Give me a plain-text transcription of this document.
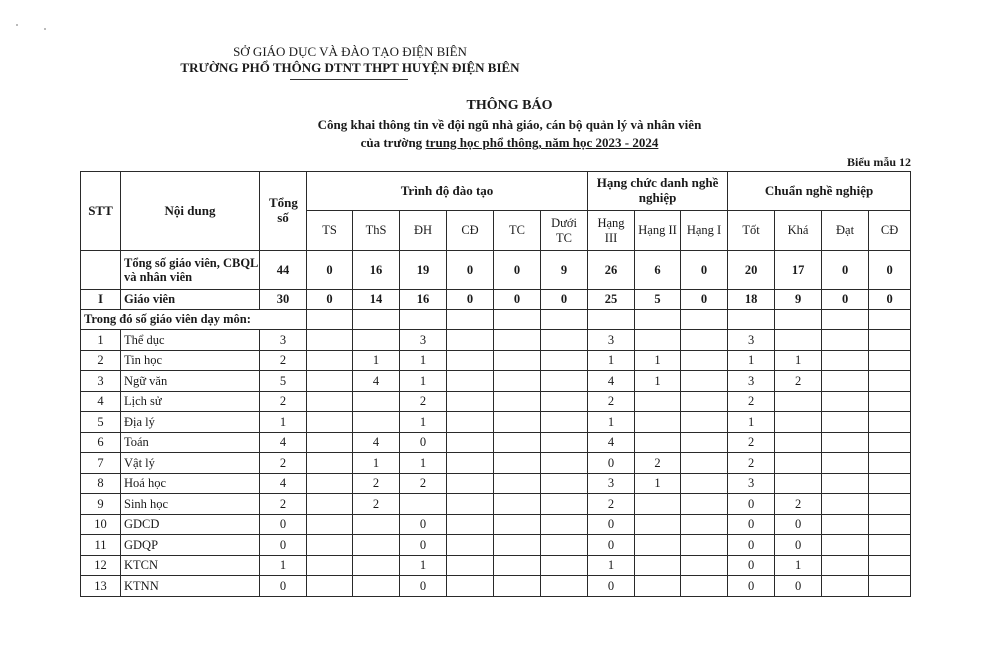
SỞ GIÁO DỤC VÀ ĐÀO TẠO ĐIỆN BIÊN
TRƯỜNG PHỔ THÔNG DTNT THPT HUYỆN ĐIỆN BIÊN
THÔNG BÁO
Công khai thông tin về đội ngũ nhà giáo, cán bộ quản lý và nhân viên
của trường trung học phổ thông, năm học 2023 - 2024
Biểu mẫu 12
STT	Nội dung	Tổng số	Trình độ đào tạo						Hạng chức danh nghề nghiệp			Chuẩn nghề nghiệp			
			TS	ThS	ĐH	CĐ	TC	Dưới TC	Hạng III	Hạng II	Hạng I	Tốt	Khá	Đạt	CĐ
	Tổng số giáo viên, CBQL và nhân viên	44	0	16	19	0	0	9	26	6	0	20	17	0	0
I	Giáo viên	30	0	14	16	0	0	0	25	5	0	18	9	0	0
Trong đó số giáo viên dạy môn:															
1	Thể dục	3			3				3			3			
2	Tin học	2		1	1				1	1		1	1		
3	Ngữ văn	5		4	1				4	1		3	2		
4	Lịch sử	2			2				2			2			
5	Địa lý	1			1				1			1			
6	Toán	4		4	0				4			2			
7	Vật lý	2		1	1				0	2		2			
8	Hoá học	4		2	2				3	1		3			
9	Sinh học	2		2					2			0	2		
10	GDCD	0			0				0			0	0		
11	GDQP	0			0				0			0	0		
12	KTCN	1			1				1			0	1		
13	KTNN	0			0				0			0	0		
